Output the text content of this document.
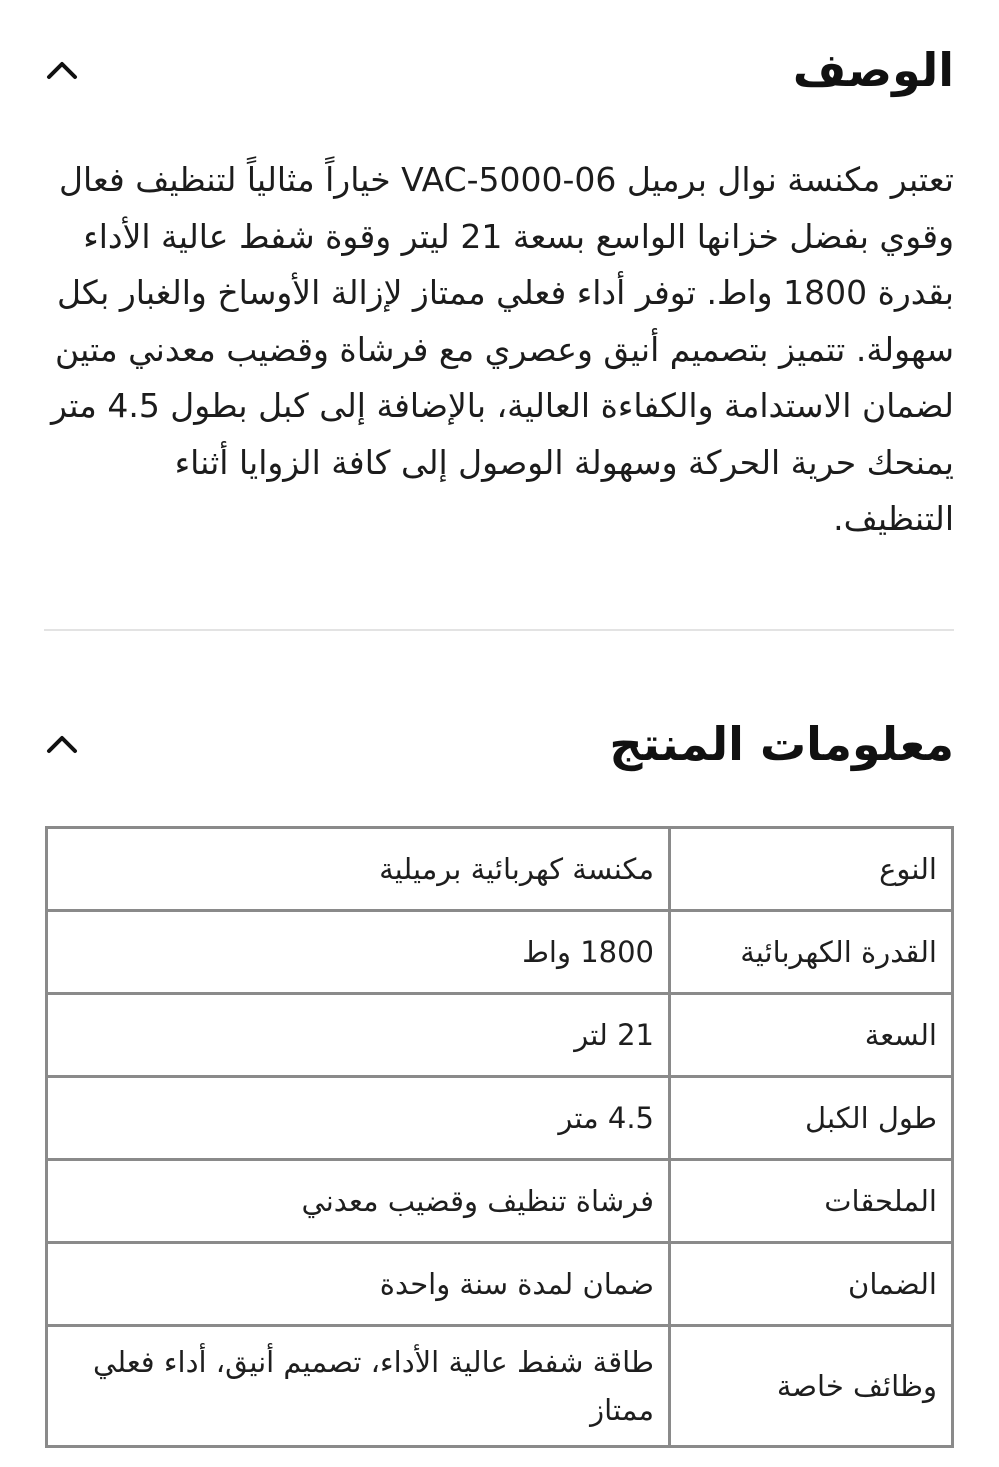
الوصف

تعتبر مكنسة نوال برميل VAC-5000-06 خياراً مثالياً لتنظيف فعال وقوي بفضل خزانها الواسع بسعة 21 ليتر وقوة شفط عالية الأداء بقدرة 1800 واط. توفر أداء فعلي ممتاز لإزالة الأوساخ والغبار بكل سهولة. تتميز بتصميم أنيق وعصري مع فرشاة وقضيب معدني متين لضمان الاستدامة والكفاءة العالية، بالإضافة إلى كبل بطول 4.5 متر يمنحك حرية الحركة وسهولة الوصول إلى كافة الزوايا أثناء التنظيف.

معلومات المنتج
النوع	مكنسة كهربائية برميلية
القدرة الكهربائية	1800 واط
السعة	21 لتر
طول الكبل	4.5 متر
الملحقات	فرشاة تنظيف وقضيب معدني
الضمان	ضمان لمدة سنة واحدة
وظائف خاصة	طاقة شفط عالية الأداء، تصميم أنيق، أداء فعلي ممتاز
